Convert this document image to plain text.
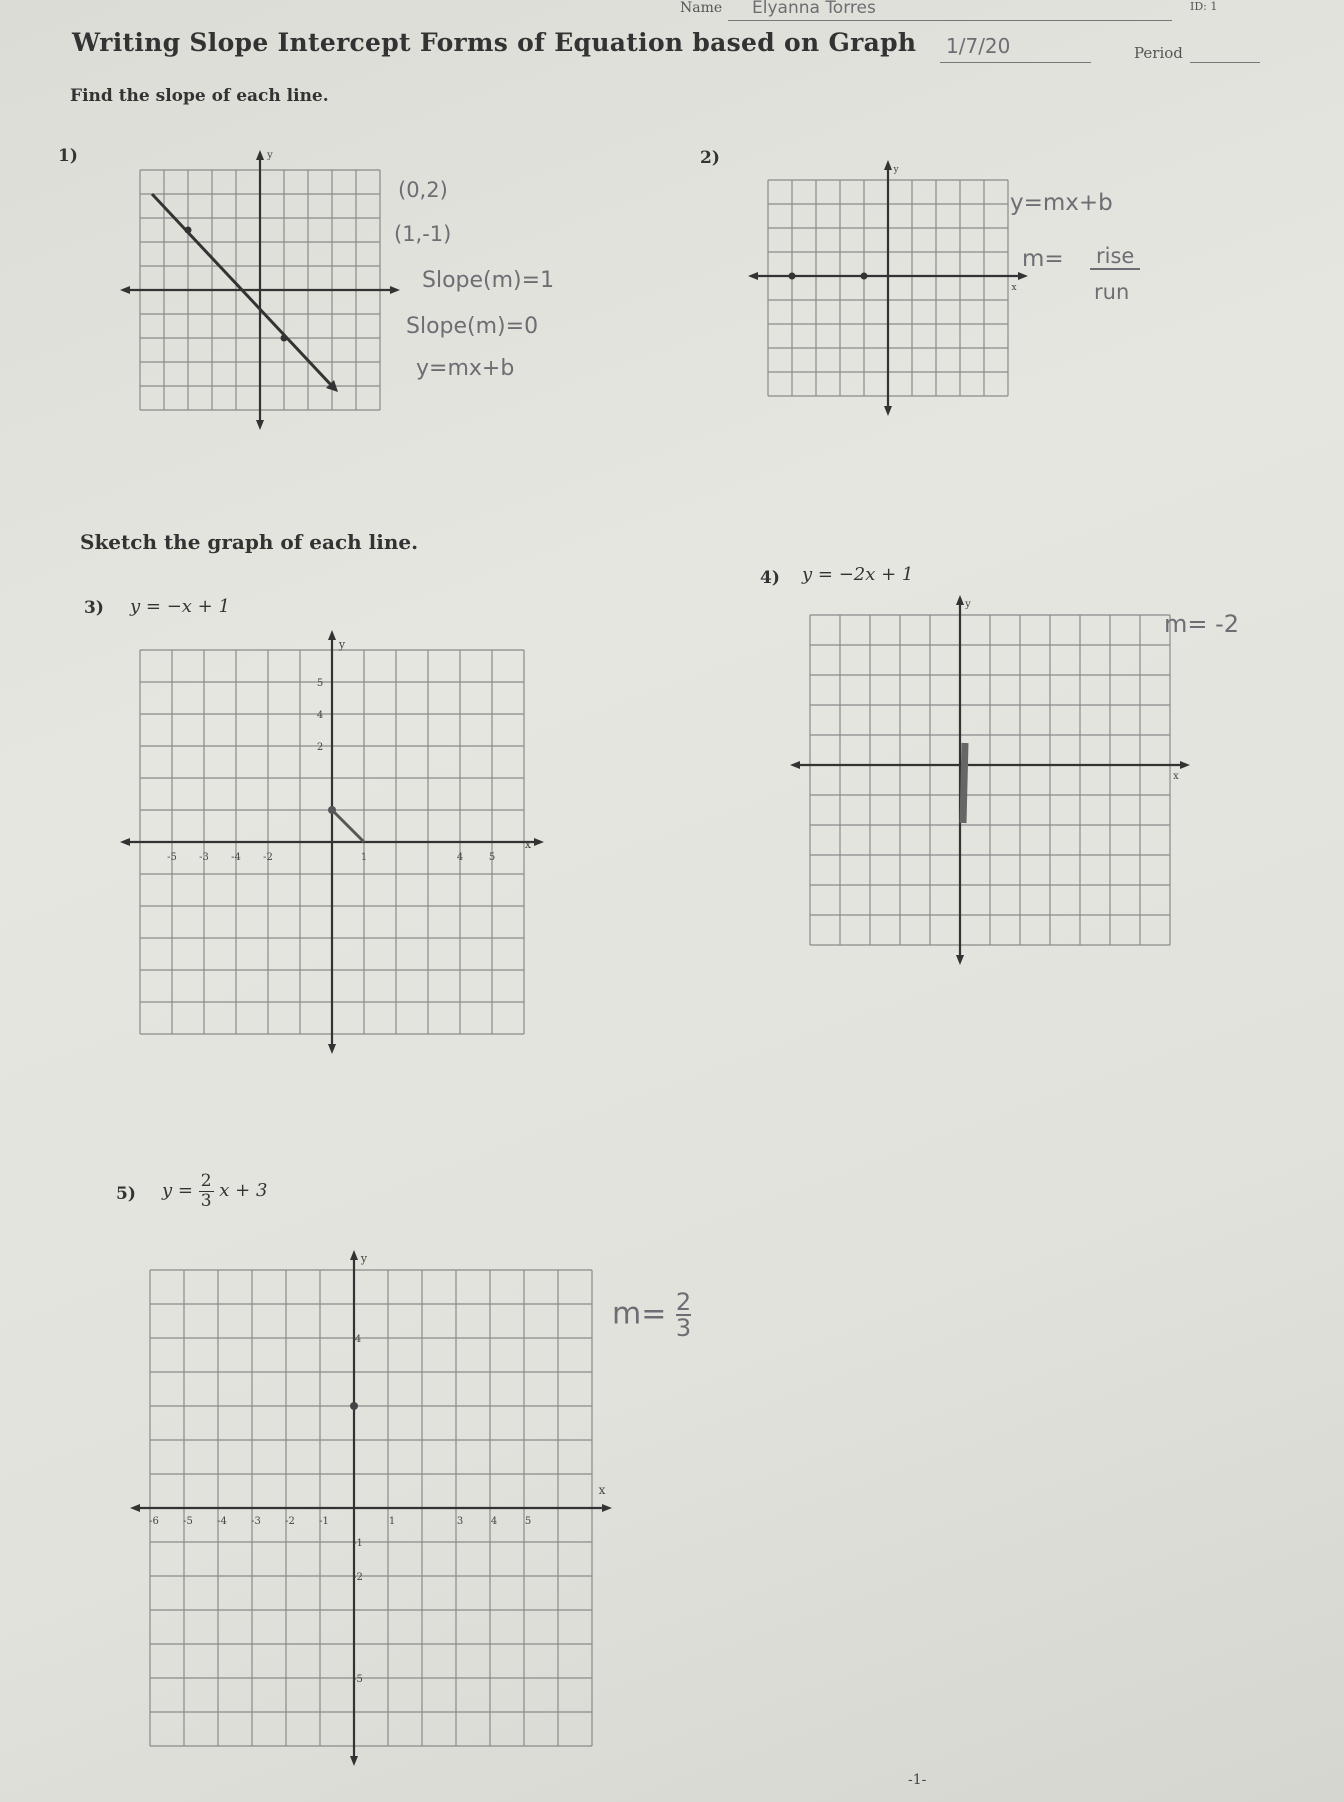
Name	Elyanna Torres	ID: 1
Writing Slope Intercept Forms of Equation based on Graph	1/7/20	Period
Find the slope of each line.
1)	y
(0,2)
(1,-1)
Slope(m)=1
Slope(m)=0
y=mx+b
2)
y
x
y=mx+b
m= rise
run
Sketch the graph of each line.
3) y = −x + 1
y
x
5
4
2
-5 -3 -4 -2	1	4	5
4) y = −2x + 1
y
x
m= -2
5) $y = \frac{2}{3}$ x + 3
y
x
-6 -5 -4 -3 -2 -1	1	3	4	5
4
-1
-2
-5
$m= \frac{2}{3}$
-1-
